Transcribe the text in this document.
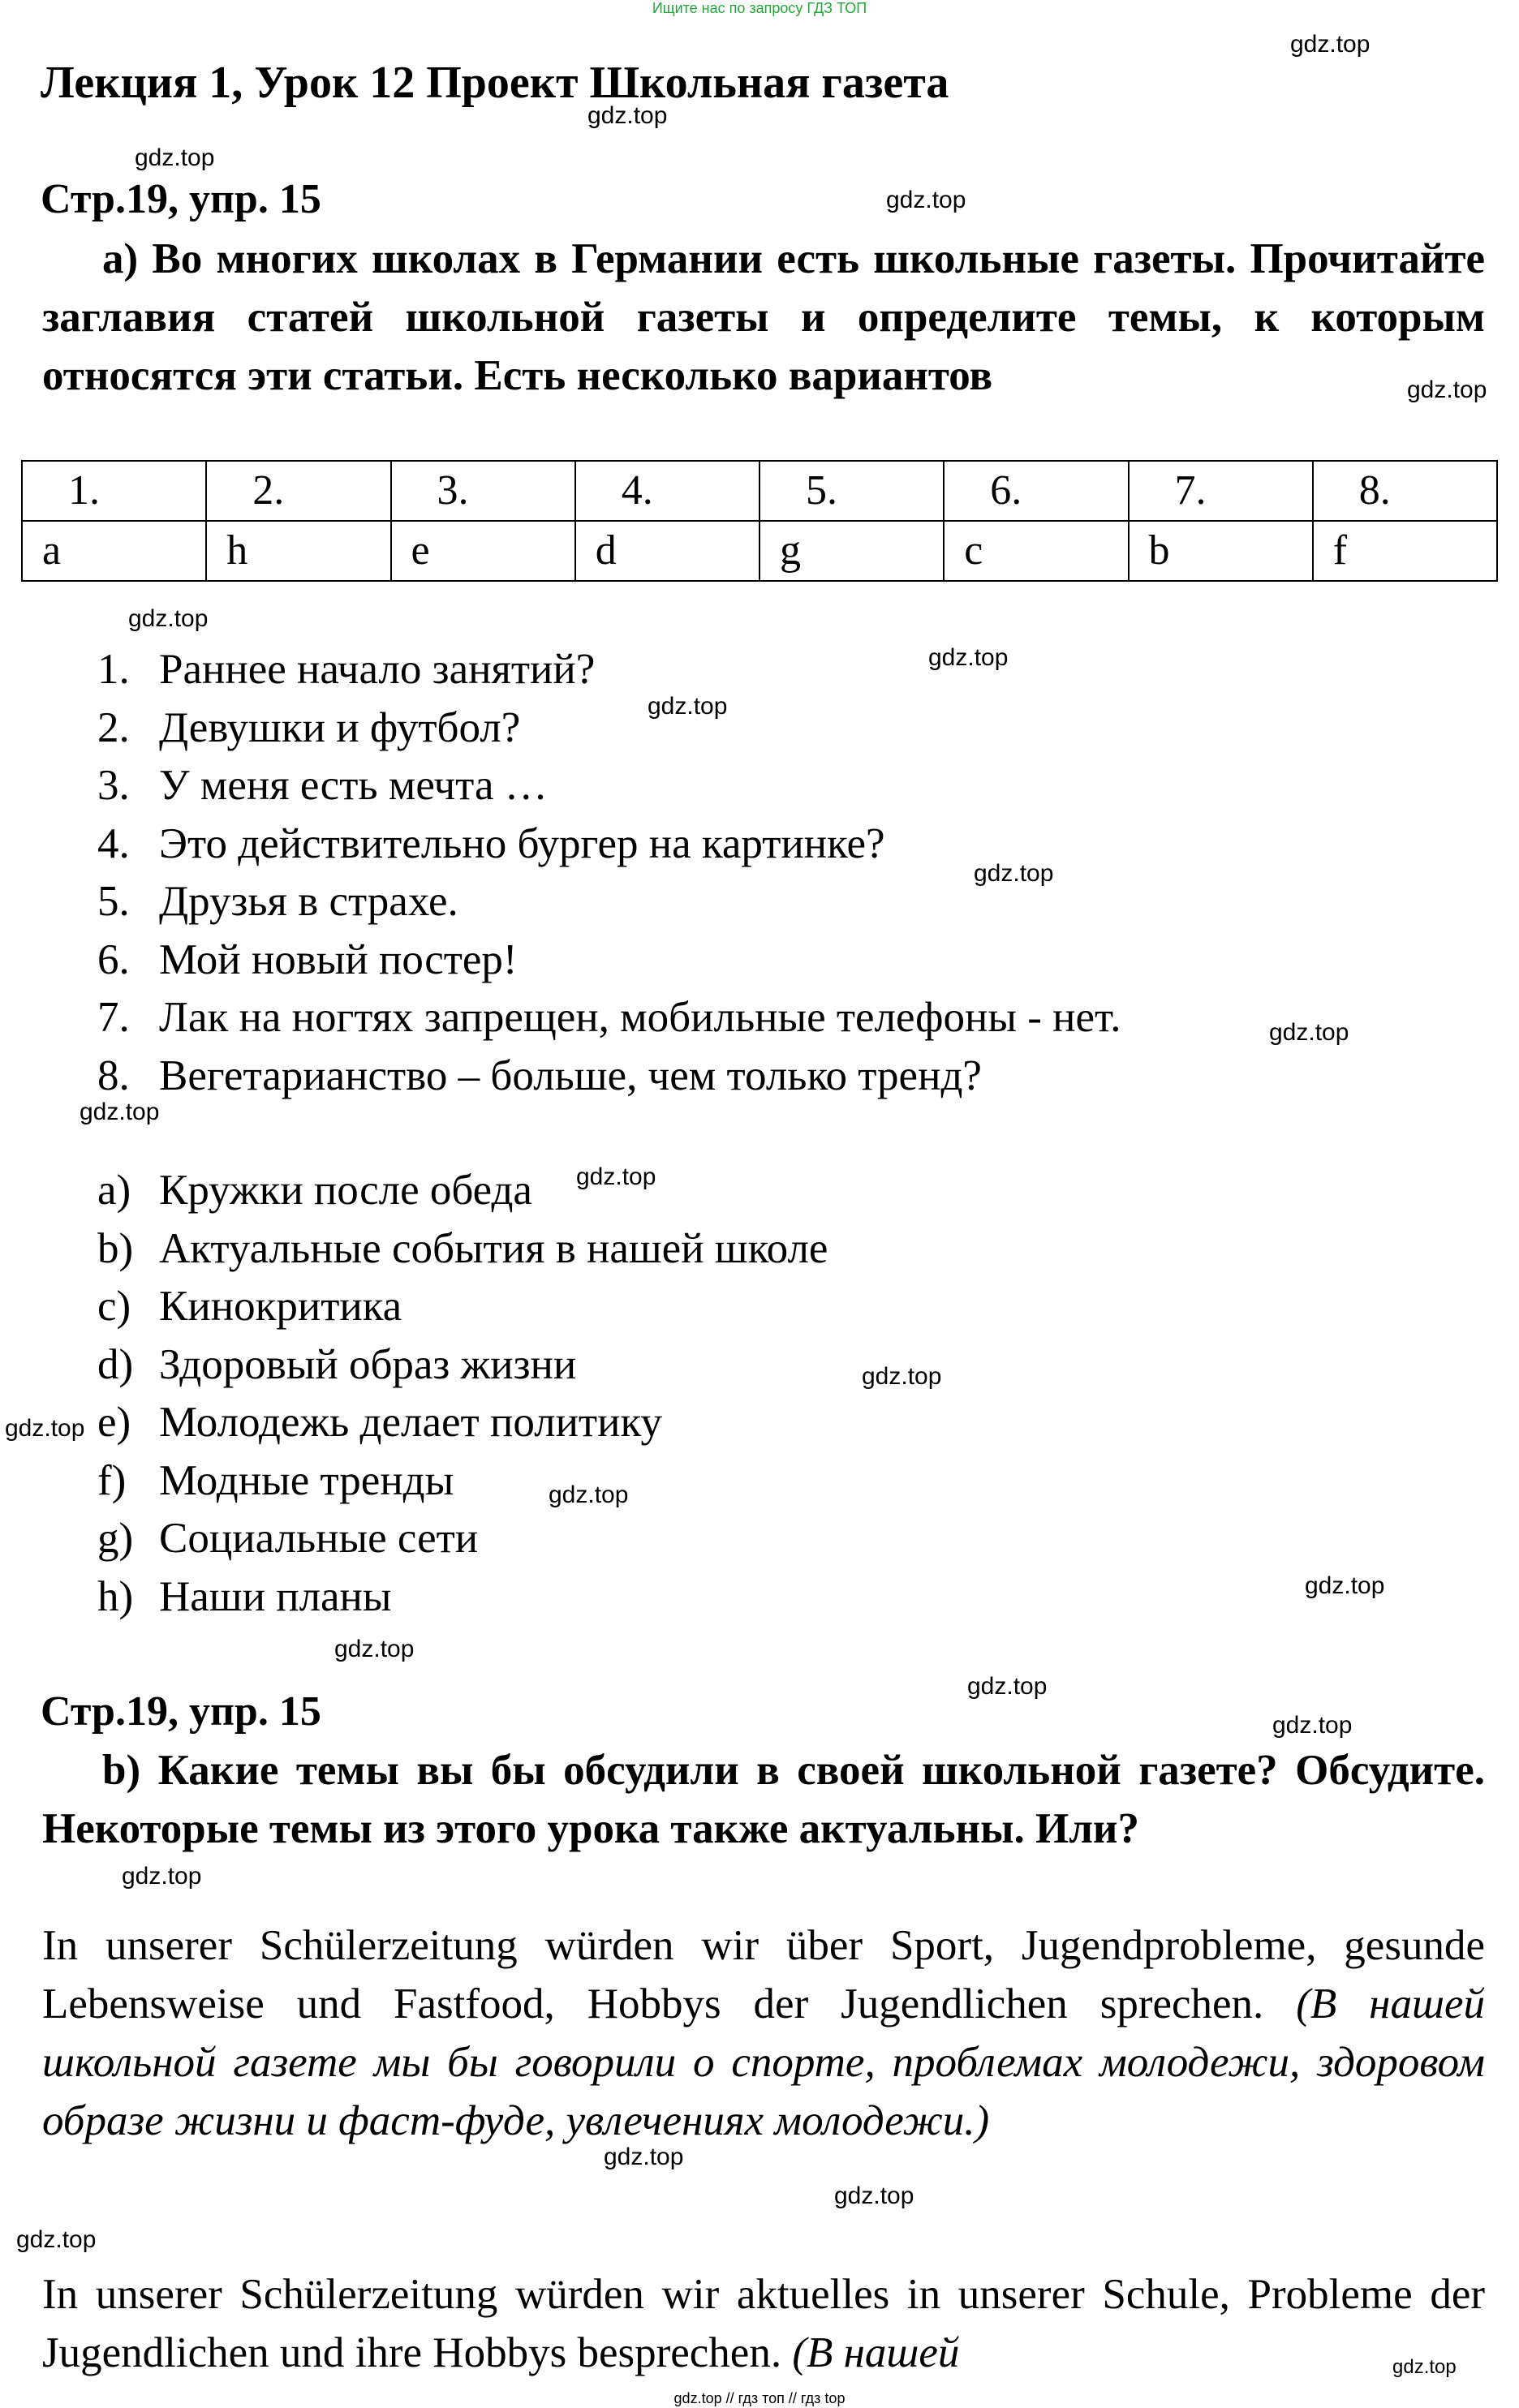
Ищите нас по запросу ГДЗ ТОП
Лекция 1, Урок 12 Проект Школьная газета
Стр.19, упр. 15
a) Во многих школах в Германии есть школьные газеты. Прочитайте заглавия статей школьной газеты и определите темы, к которым относятся эти статьи. Есть несколько вариантов
1.	2.	3.	4.	5.	6.	7.	8.
a	h	e	d	g	c	b	f
1. Раннее начало занятий?
2. Девушки и футбол?
3. У меня есть мечта …
4. Это действительно бургер на картинке?
5. Друзья в страхе.
6. Мой новый постер!
7. Лак на ногтях запрещен, мобильные телефоны - нет.
8. Вегетарианство – больше, чем только тренд?
a) Кружки после обеда
b) Актуальные события в нашей школе
c) Кинокритика
d) Здоровый образ жизни
e) Молодежь делает политику
f) Модные тренды
g) Социальные сети
h) Наши планы
Стр.19, упр. 15
b) Какие темы вы бы обсудили в своей школьной газете? Обсудите. Некоторые темы из этого урока также актуальны. Или?
In unserer Schülerzeitung würden wir über Sport, Jugendprobleme, gesunde Lebensweise und Fastfood, Hobbys der Jugendlichen sprechen. (В нашей школьной газете мы бы говорили о спорте, проблемах молодежи, здоровом образе жизни и фаст-фуде, увлечениях молодежи.)
In unserer Schülerzeitung würden wir aktuelles in unserer Schule, Probleme der Jugendlichen und ihre Hobbys besprechen. (В нашей
gdz.top
gdz.top
gdz.top
gdz.top
gdz.top
gdz.top
gdz.top
gdz.top
gdz.top
gdz.top
gdz.top
gdz.top
gdz.top
gdz.top
gdz.top
gdz.top
gdz.top
gdz.top
gdz.top
gdz.top
gdz.top
gdz.top
gdz.top
gdz.top
gdz.top // гдз топ // гдз top
